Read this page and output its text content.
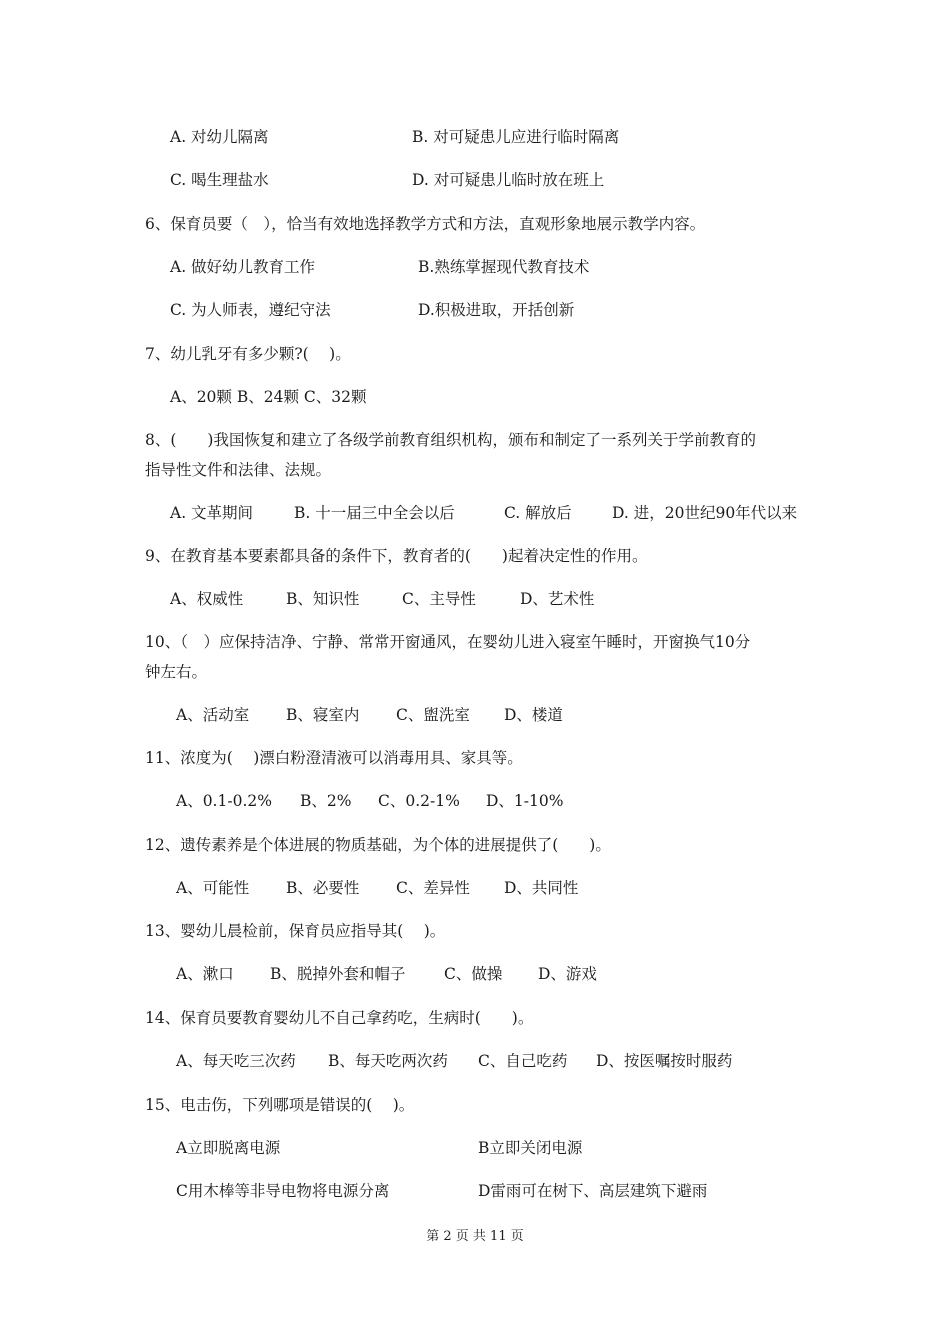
第 2 页 共 11 页
A. 对幼儿隔离	B. 对可疑患儿应进行临时隔离
C. 喝生理盐水	D. 对可疑患儿临时放在班上
6、保育员要（　），恰当有效地选择教学方式和方法，直观形象地展示教学内容。
A. 做好幼儿教育工作	B.熟练掌握现代教育技术
C. 为人师表，遵纪守法	D.积极进取，开括创新
7、幼儿乳牙有多少颗?(　 )。
A、20颗 B、24颗 C、32颗
8、(　　)我国恢复和建立了各级学前教育组织机构，颁布和制定了一系列关于学前教育的
指导性文件和法律、法规。
A. 文革期间	B. 十一届三中全会以后	C. 解放后	D. 进，20世纪90年代以来
9、在教育基本要素都具备的条件下，教育者的(　　)起着决定性的作用。
A、权威性	B、知识性	C、主导性	D、艺术性
10、（　）应保持洁净、宁静、常常开窗通风，在婴幼儿进入寝室午睡时，开窗换气10分
钟左右。
A、活动室 B、寝室内 C、盥洗室 D、楼道
11、浓度为(　 )漂白粉澄清液可以消毒用具、家具等。
A、0.1-0.2% B、2% C、0.2-1% D、1-10%
12、遗传素养是个体进展的物质基础，为个体的进展提供了(　　)。
A、可能性 B、必要性 C、差异性 D、共同性
13、婴幼儿晨检前，保育员应指导其(　 )。
A、漱口 B、脱掉外套和帽子 C、做操 D、游戏
14、保育员要教育婴幼儿不自己拿药吃，生病时(　　)。
A、每天吃三次药 B、每天吃两次药 C、自己吃药 D、按医嘱按时服药
15、电击伤，下列哪项是错误的(　 )。
A立即脱离电源	B立即关闭电源
C用木棒等非导电物将电源分离	D雷雨可在树下、高层建筑下避雨
